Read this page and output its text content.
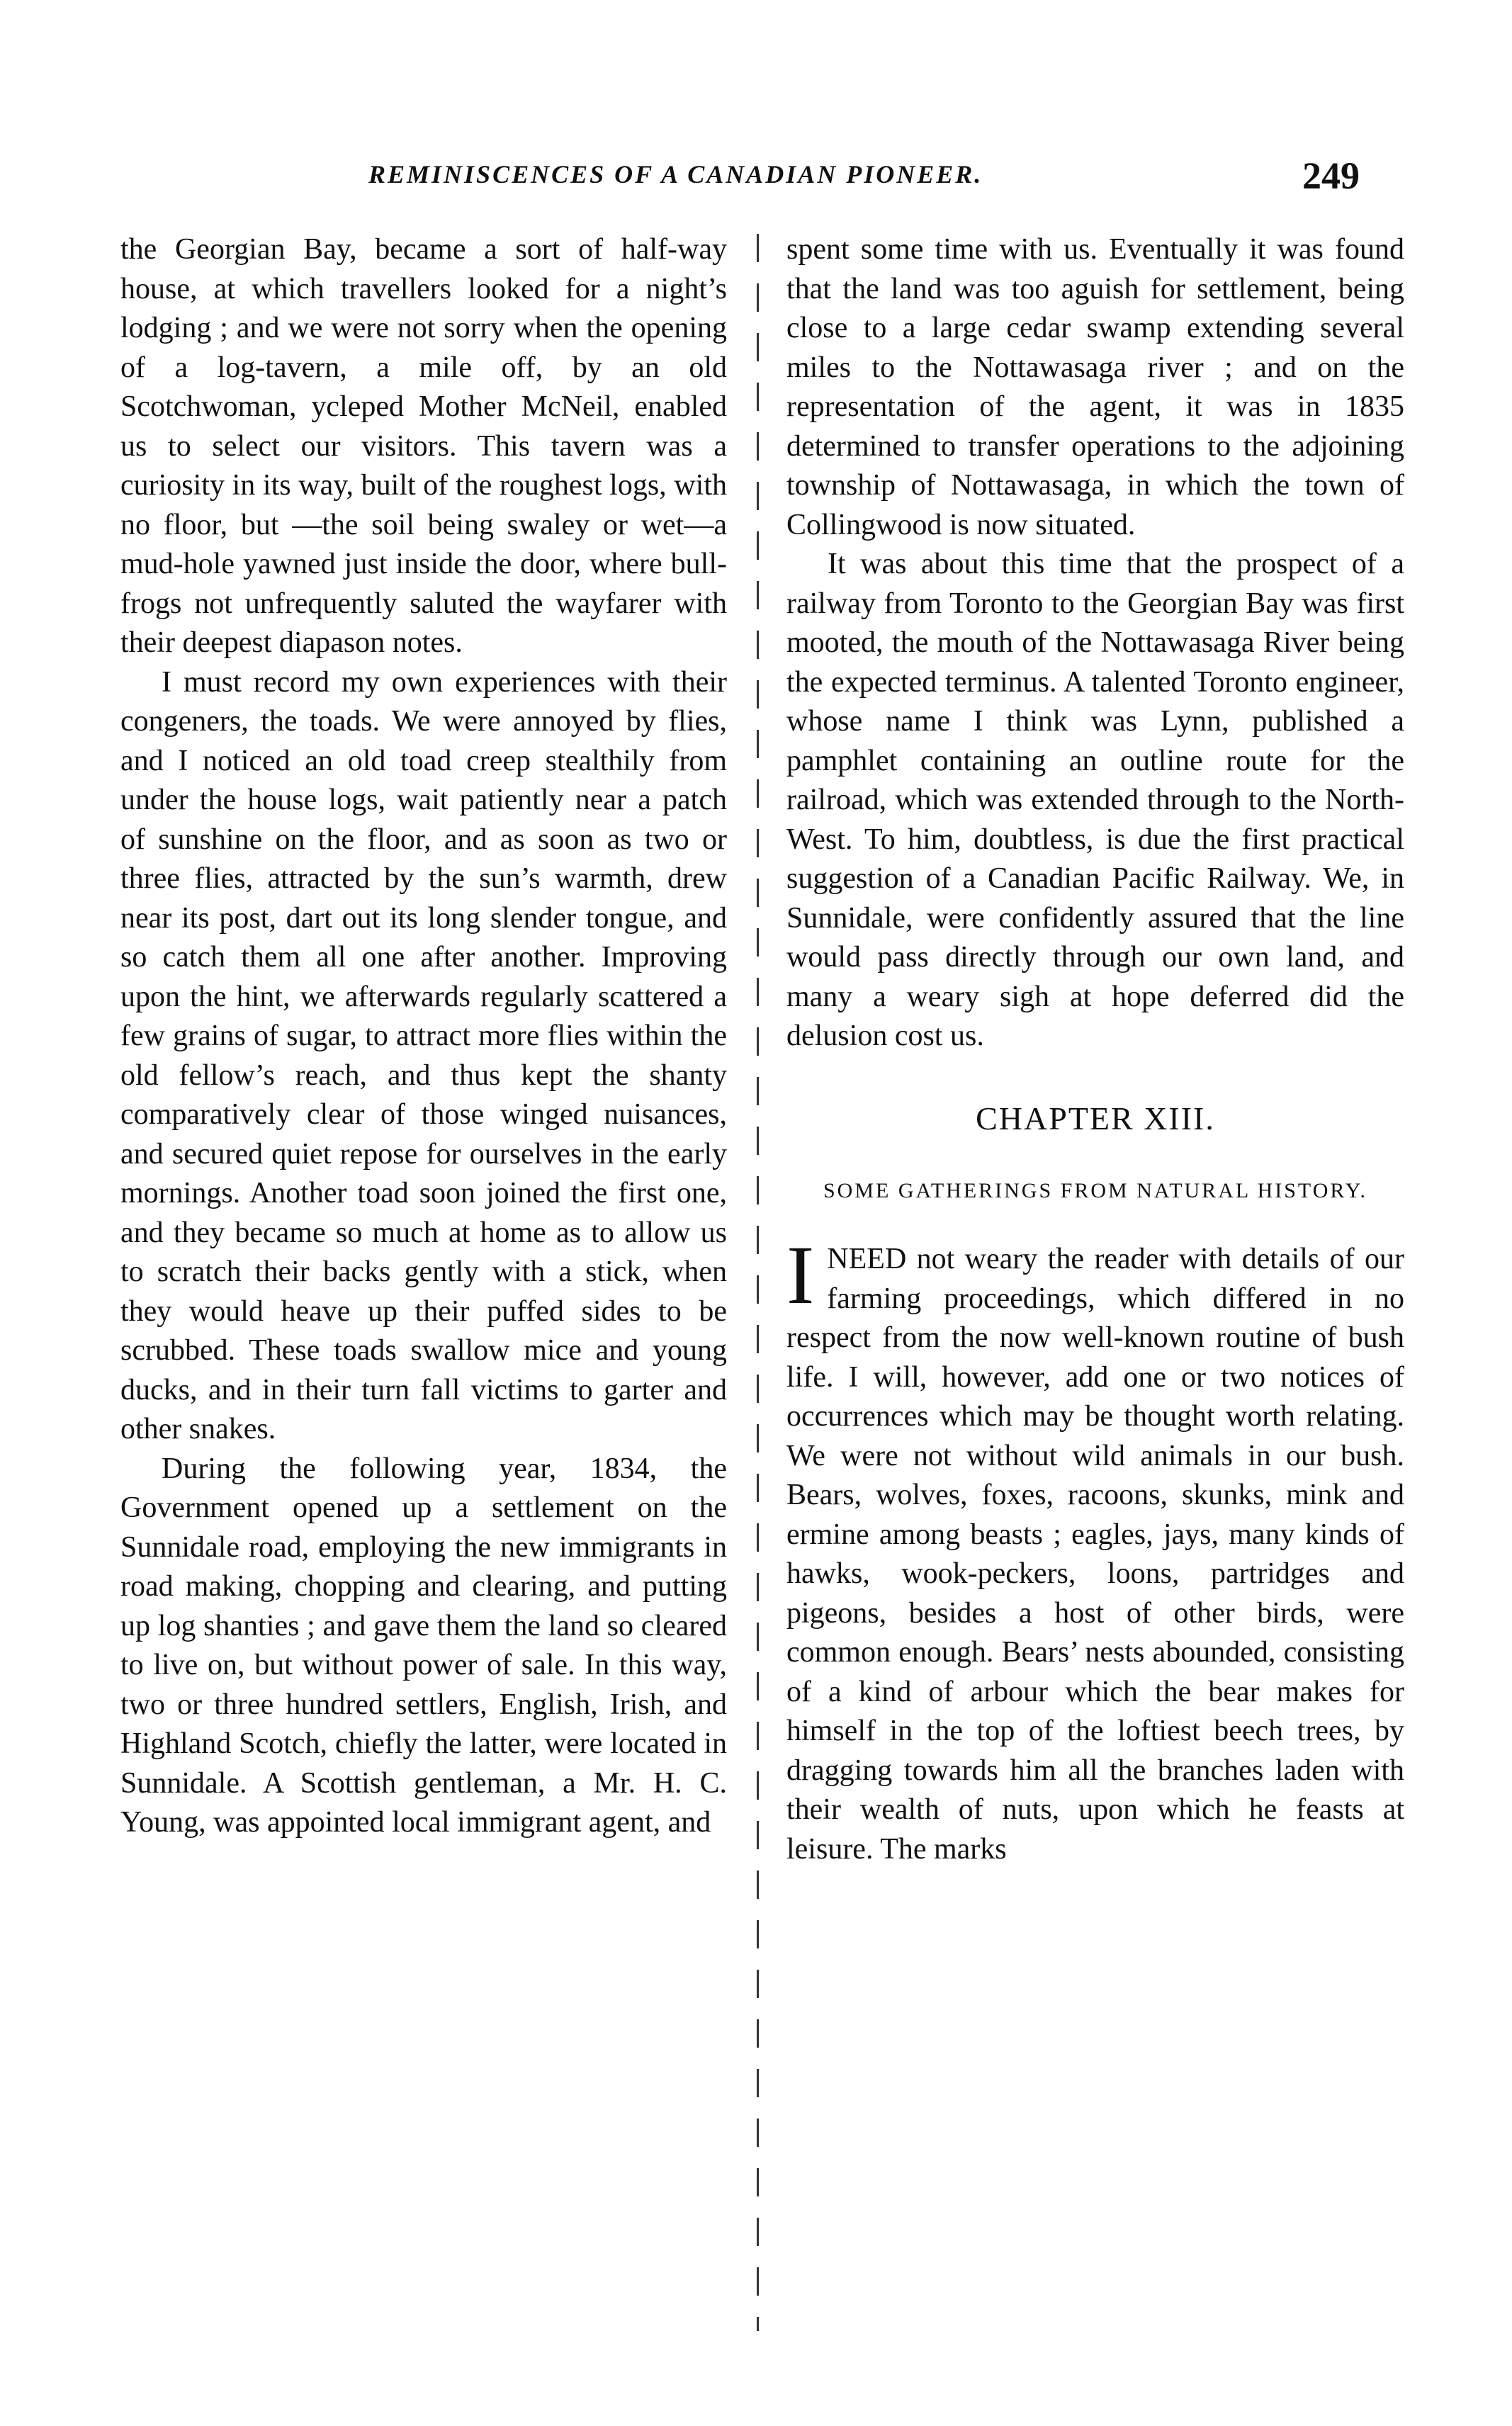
REMINISCENCES OF A CANADIAN PIONEER.	249

the Georgian Bay, became a sort of half-way house, at which travellers looked for a night’s lodging ; and we were not sorry when the opening of a log-tavern, a mile off, by an old Scotchwoman, ycleped Mother McNeil, enabled us to select our visitors. This tavern was a curiosity in its way, built of the roughest logs, with no floor, but —the soil being swaley or wet—a mud-hole yawned just inside the door, where bull-frogs not unfrequently saluted the wayfarer with their deepest diapason notes.

I must record my own experiences with their congeners, the toads. We were annoyed by flies, and I noticed an old toad creep stealthily from under the house logs, wait patiently near a patch of sunshine on the floor, and as soon as two or three flies, attracted by the sun’s warmth, drew near its post, dart out its long slender tongue, and so catch them all one after another. Improving upon the hint, we afterwards regularly scattered a few grains of sugar, to attract more flies within the old fellow’s reach, and thus kept the shanty comparatively clear of those winged nuisances, and secured quiet repose for ourselves in the early mornings. Another toad soon joined the first one, and they became so much at home as to allow us to scratch their backs gently with a stick, when they would heave up their puffed sides to be scrubbed. These toads swallow mice and young ducks, and in their turn fall victims to garter and other snakes.

During the following year, 1834, the Government opened up a settlement on the Sunnidale road, employing the new immigrants in road making, chopping and clearing, and putting up log shanties ; and gave them the land so cleared to live on, but without power of sale. In this way, two or three hundred settlers, English, Irish, and Highland Scotch, chiefly the latter, were located in Sunnidale. A Scottish gentleman, a Mr. H. C. Young, was appointed local immigrant agent, and

spent some time with us. Eventually it was found that the land was too aguish for settlement, being close to a large cedar swamp extending several miles to the Nottawasaga river ; and on the representation of the agent, it was in 1835 determined to transfer operations to the adjoining township of Nottawasaga, in which the town of Collingwood is now situated.

It was about this time that the prospect of a railway from Toronto to the Georgian Bay was first mooted, the mouth of the Nottawasaga River being the expected terminus. A talented Toronto engineer, whose name I think was Lynn, published a pamphlet containing an outline route for the railroad, which was extended through to the North-West. To him, doubtless, is due the first practical suggestion of a Canadian Pacific Railway. We, in Sunnidale, were confidently assured that the line would pass directly through our own land, and many a weary sigh at hope deferred did the delusion cost us.

CHAPTER XIII.
SOME GATHERINGS FROM NATURAL HISTORY.

INEED not weary the reader with details of our farming proceedings, which differed in no respect from the now well-known routine of bush life. I will, however, add one or two notices of occurrences which may be thought worth relating. We were not without wild animals in our bush. Bears, wolves, foxes, racoons, skunks, mink and ermine among beasts ; eagles, jays, many kinds of hawks, wook-peckers, loons, partridges and pigeons, besides a host of other birds, were common enough. Bears’ nests abounded, consisting of a kind of arbour which the bear makes for himself in the top of the loftiest beech trees, by dragging towards him all the branches laden with their wealth of nuts, upon which he feasts at leisure. The marks
